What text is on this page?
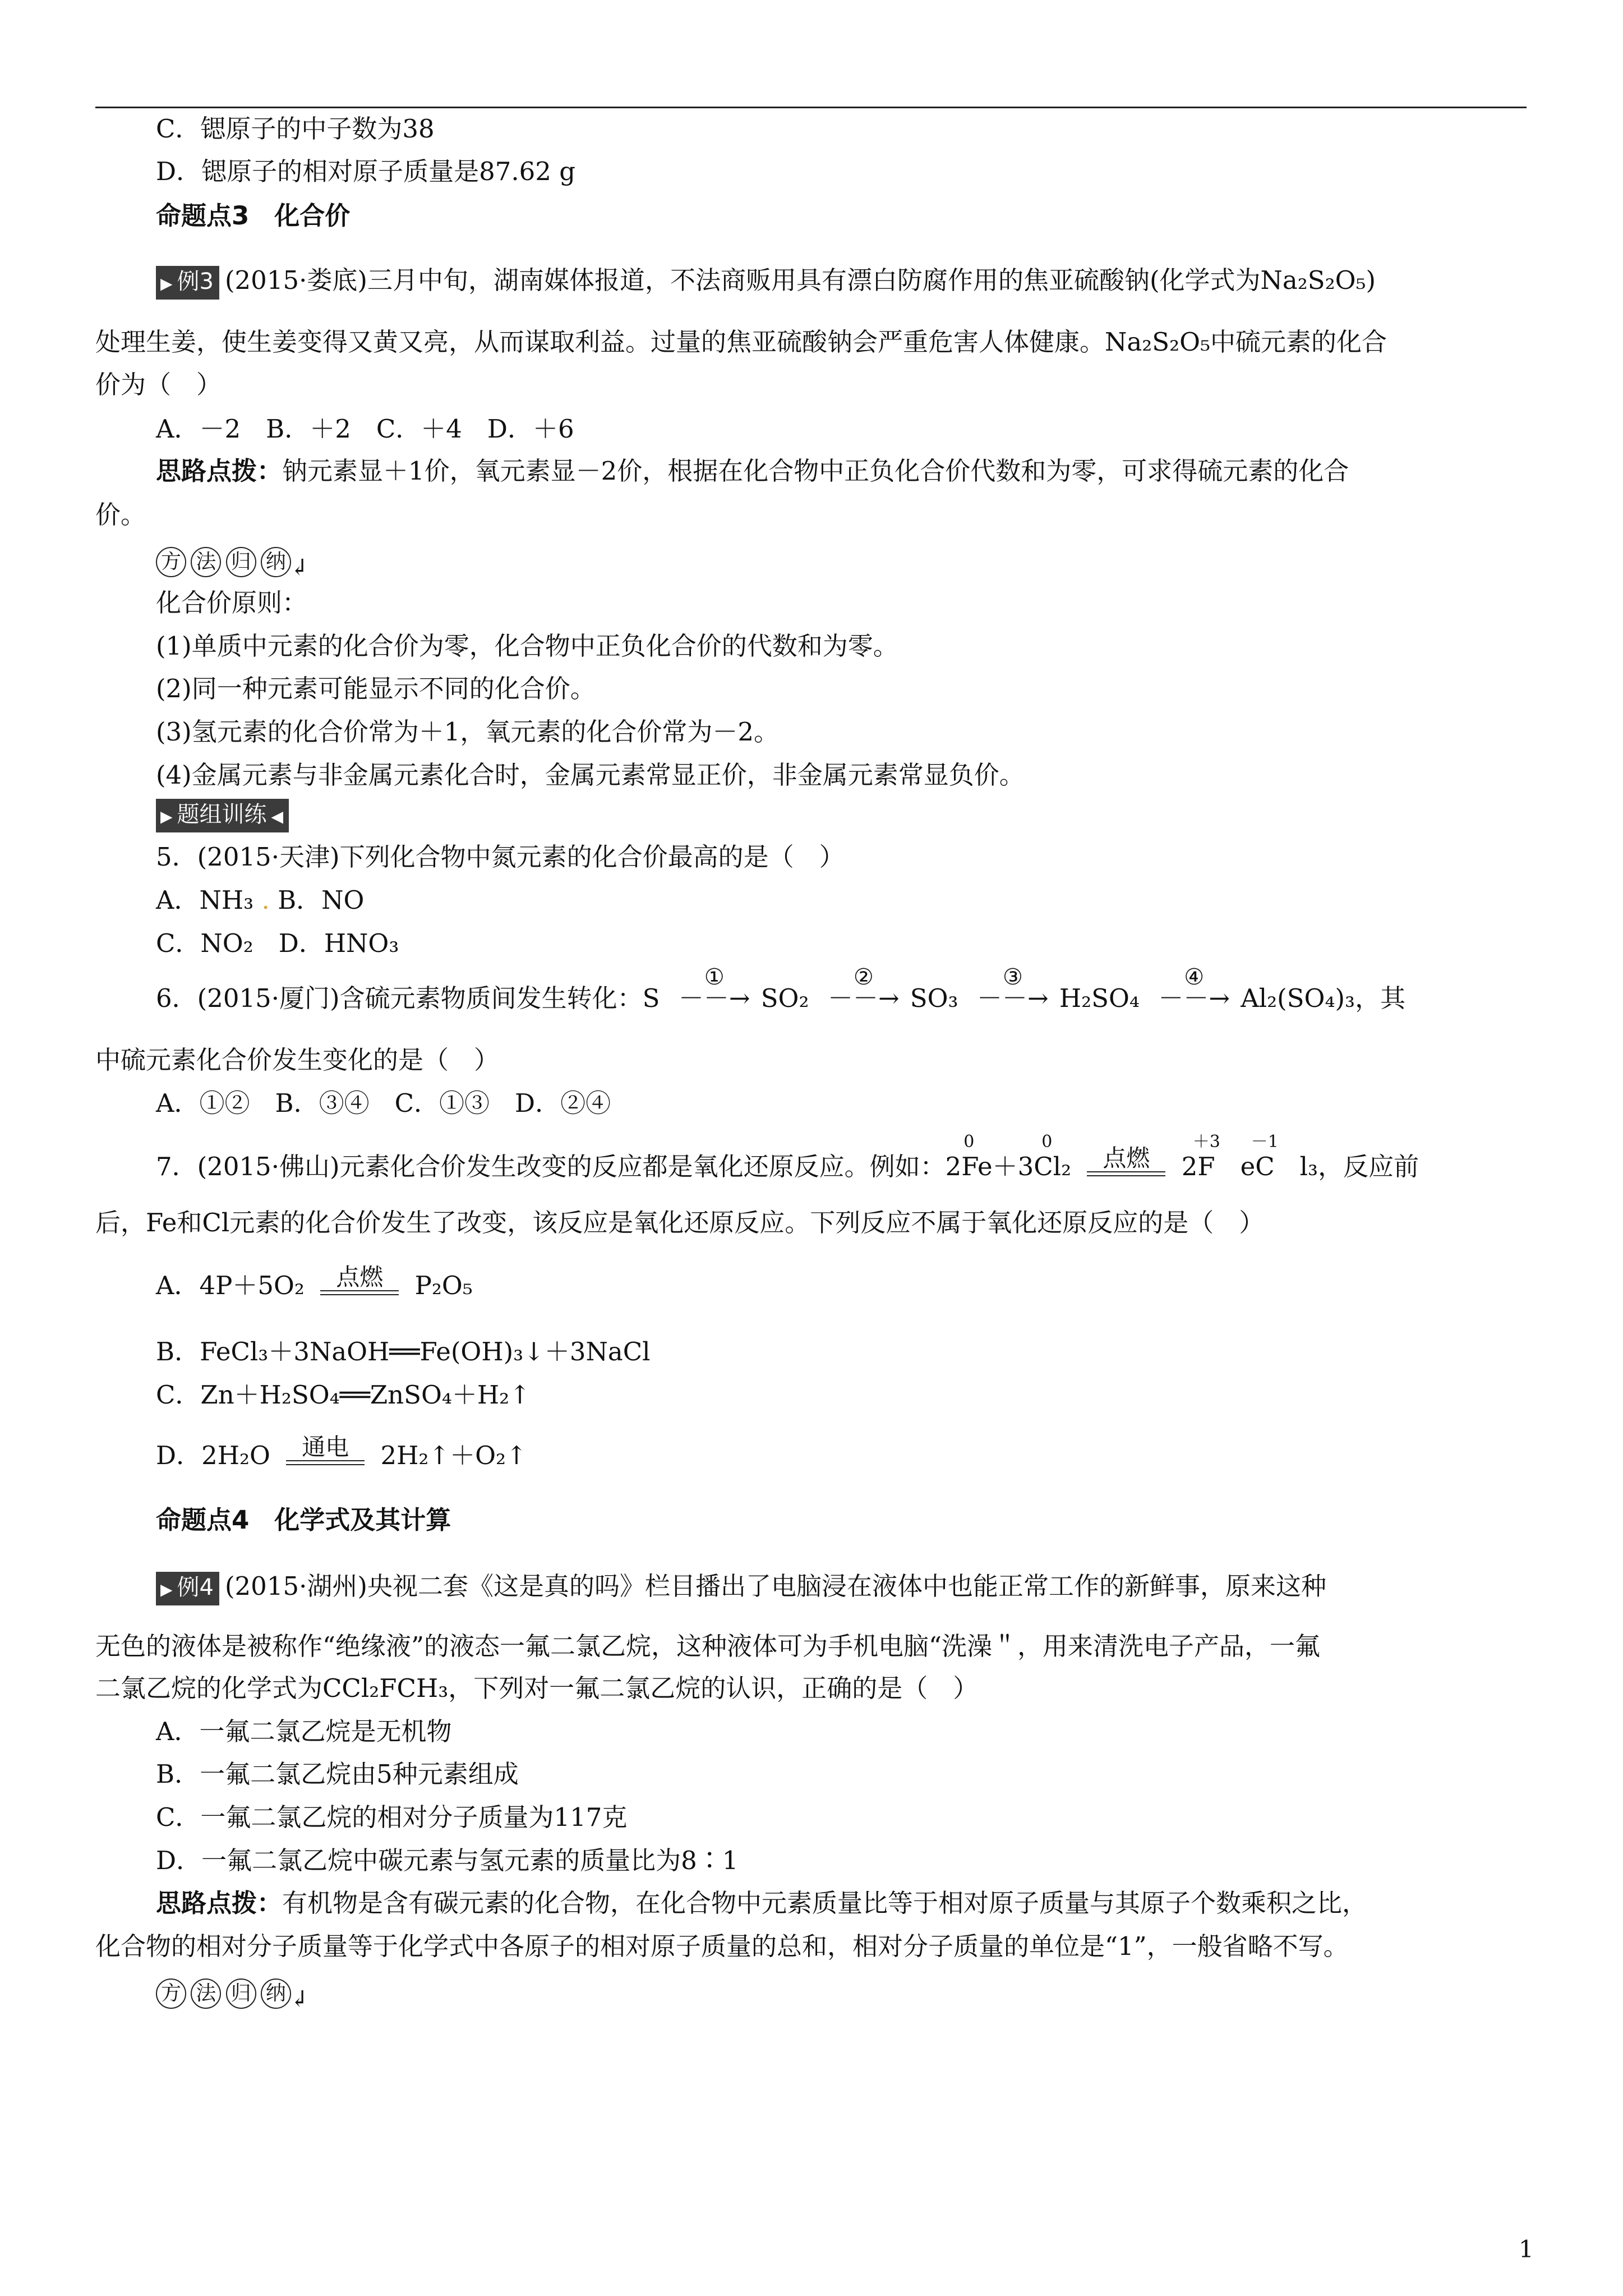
C．锶原子的中子数为38
D．锶原子的相对原子质量是87.62 g
命题点3　化合价
▶ 例3 (2015·娄底)三月中旬，湖南媒体报道，不法商贩用具有漂白防腐作用的焦亚硫酸钠(化学式为Na₂S₂O₅)
处理生姜，使生姜变得又黄又亮，从而谋取利益。过量的焦亚硫酸钠会严重危害人体健康。Na₂S₂O₅中硫元素的化合
价为（　）
A．－2　B．＋2　C．＋4　D．＋6
思路点拨：钠元素显＋1价，氧元素显－2价，根据在化合物中正负化合价代数和为零，可求得硫元素的化合
价。
方 法 归 纳 ↲
化合价原则：
(1)单质中元素的化合价为零，化合物中正负化合价的代数和为零。
(2)同一种元素可能显示不同的化合价。
(3)氢元素的化合价常为＋1，氧元素的化合价常为－2。
(4)金属元素与非金属元素化合时，金属元素常显正价，非金属元素常显负价。
▶ 题组训练 ◀
5．(2015·天津)下列化合物中氮元素的化合价最高的是（　）
A．NH₃ . B．NO
C．NO₂　D．HNO₃
6．(2015·厦门)含硫元素物质间发生转化：S
①
－－→ SO₂
②
－－→ SO₃
③
－－→ H₂SO₄
④
－－→ Al₂(SO₄)₃，其
中硫元素化合价发生变化的是（　）
A．①②　B．③④　C．①③　D．②④
7．(2015·佛山)元素化合价发生改变的反应都是氧化还原反应。例如：2
0
Fe＋3
0
Cl₂	点燃

＋3 －1
2F　eC　l₃，反应前
后，Fe和Cl元素的化合价发生了改变，该反应是氧化还原反应。下列反应不属于氧化还原反应的是（　）
A．4P＋5O₂	点燃	P₂O₅
B．FeCl₃＋3NaOH══Fe(OH)₃↓＋3NaCl
C．Zn＋H₂SO₄══ZnSO₄＋H₂↑
D．2H₂O	通电	2H₂↑＋O₂↑
命题点4　化学式及其计算
▶ 例4 (2015·湖州)央视二套《这是真的吗》栏目播出了电脑浸在液体中也能正常工作的新鲜事，原来这种
无色的液体是被称作“绝缘液”的液态一氟二氯乙烷，这种液体可为手机电脑“洗澡＂，用来清洗电子产品，一氟
二氯乙烷的化学式为CCl₂FCH₃，下列对一氟二氯乙烷的认识，正确的是（　）
A．一氟二氯乙烷是无机物
B．一氟二氯乙烷由5种元素组成
C．一氟二氯乙烷的相对分子质量为117克
D．一氟二氯乙烷中碳元素与氢元素的质量比为8∶1
思路点拨：有机物是含有碳元素的化合物，在化合物中元素质量比等于相对原子质量与其原子个数乘积之比，
化合物的相对分子质量等于化学式中各原子的相对原子质量的总和，相对分子质量的单位是“1”，一般省略不写。
方 法 归 纳 ↲
1
